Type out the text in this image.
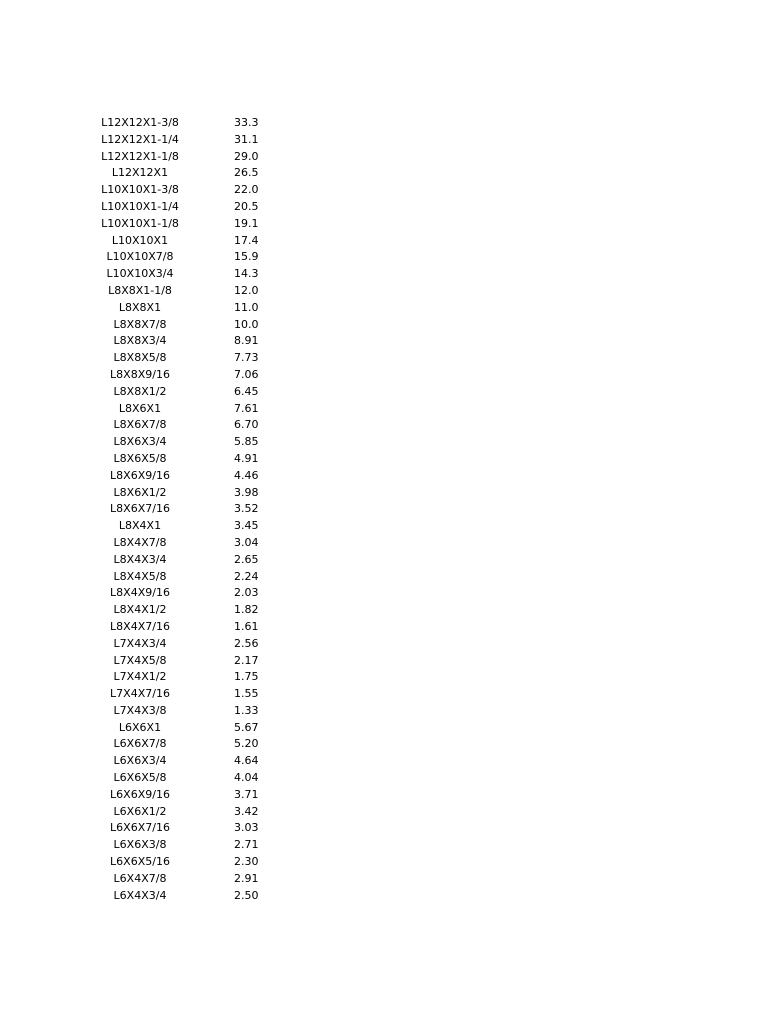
L12X12X1-3/8	33.3
L12X12X1-1/4	31.1
L12X12X1-1/8	29.0
L12X12X1	26.5
L10X10X1-3/8	22.0
L10X10X1-1/4	20.5
L10X10X1-1/8	19.1
L10X10X1	17.4
L10X10X7/8	15.9
L10X10X3/4	14.3
L8X8X1-1/8	12.0
L8X8X1	11.0
L8X8X7/8	10.0
L8X8X3/4	8.91
L8X8X5/8	7.73
L8X8X9/16	7.06
L8X8X1/2	6.45
L8X6X1	7.61
L8X6X7/8	6.70
L8X6X3/4	5.85
L8X6X5/8	4.91
L8X6X9/16	4.46
L8X6X1/2	3.98
L8X6X7/16	3.52
L8X4X1	3.45
L8X4X7/8	3.04
L8X4X3/4	2.65
L8X4X5/8	2.24
L8X4X9/16	2.03
L8X4X1/2	1.82
L8X4X7/16	1.61
L7X4X3/4	2.56
L7X4X5/8	2.17
L7X4X1/2	1.75
L7X4X7/16	1.55
L7X4X3/8	1.33
L6X6X1	5.67
L6X6X7/8	5.20
L6X6X3/4	4.64
L6X6X5/8	4.04
L6X6X9/16	3.71
L6X6X1/2	3.42
L6X6X7/16	3.03
L6X6X3/8	2.71
L6X6X5/16	2.30
L6X4X7/8	2.91
L6X4X3/4	2.50
